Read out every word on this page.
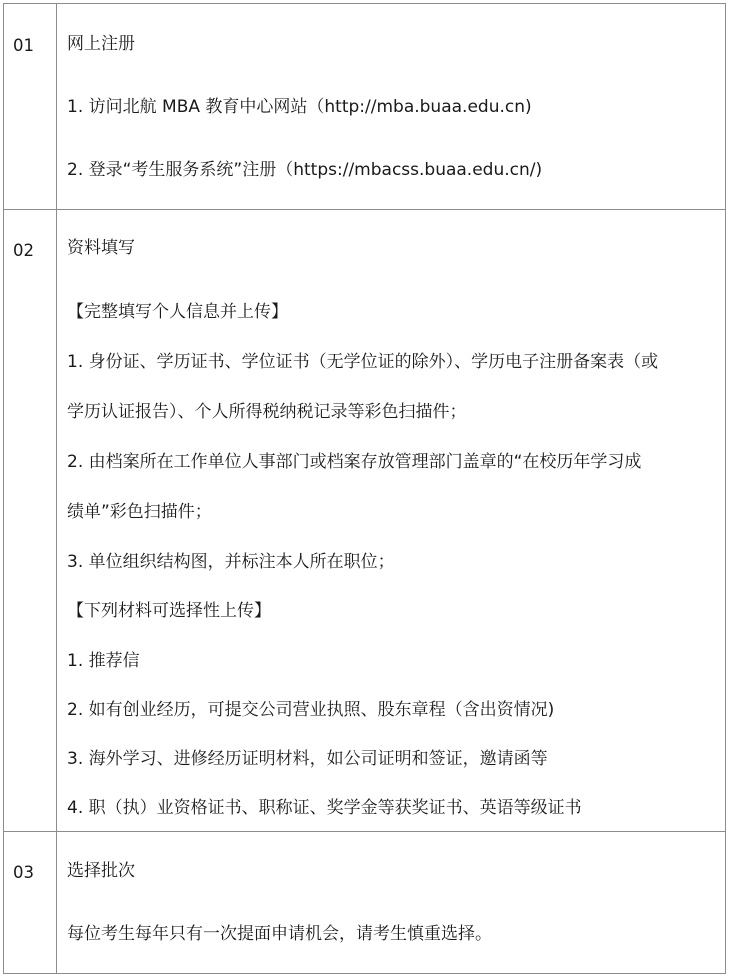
01 网上注册
1. 访问北航 MBA 教育中心网站（http://mba.buaa.edu.cn)
2. 登录“考生服务系统”注册（https://mbacss.buaa.edu.cn/)
02 资料填写
【完整填写个人信息并上传】
1. 身份证、学历证书、学位证书（无学位证的除外）、学历电子注册备案表（或
学历认证报告）、个人所得税纳税记录等彩色扫描件；
2. 由档案所在工作单位人事部门或档案存放管理部门盖章的“在校历年学习成
绩单”彩色扫描件；
3. 单位组织结构图，并标注本人所在职位；
【下列材料可选择性上传】
1. 推荐信
2. 如有创业经历，可提交公司营业执照、股东章程（含出资情况)
3. 海外学习、进修经历证明材料，如公司证明和签证，邀请函等
4. 职（执）业资格证书、职称证、奖学金等获奖证书、英语等级证书
03 选择批次
每位考生每年只有一次提面申请机会，请考生慎重选择。
